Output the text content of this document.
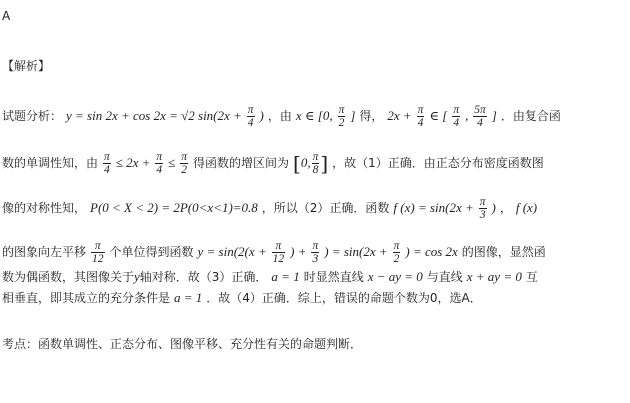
A
【解析】
试题分析： y = sin 2x + cos 2x = √2 $\sin(2x + \frac{\pi}{4}$ ) ，由 x ∈ [0, $\frac{\pi}{2}$ ] 得， $2x + \frac{\pi}{4}$ ∈ [ $\frac{\pi}{4}$ , $\frac{5\pi}{4}$ ] ．由复合函
数的单调性知，由 $\frac{\pi}{4} \le 2x + \frac{\pi}{4} \le \frac{\pi}{2}$ 得函数的增区间为 [0, $\frac{\pi}{8}$ ] ，故（1）正确．由正态分布密度函数图
像的对称性知， P(0 < X < 2) = 2P(0<x<1)=0.8 ，所以（2）正确．函数 f $(x) = \sin(2x + \frac{\pi}{3}$ ) ， f (x)
的图象向左平移 $\frac{\pi}{12}$ 个单位得到函数 $y = \sin(2(x + \frac{\pi}{12}$ ) + $\frac{\pi}{3}$ ) = $\sin(2x + \frac{\pi}{2}$ ) = cos 2x 的图像，显然函
数为偶函数，其图像关于y轴对称．故（3）正确． a = 1 时显然直线 x − ay = 0 与直线 x + ay = 0 互
相垂直，即其成立的充分条件是 a = 1 ．故（4）正确．综上，错误的命题个数为0，选A．
考点：函数单调性、正态分布、图像平移、充分性有关的命题判断．
